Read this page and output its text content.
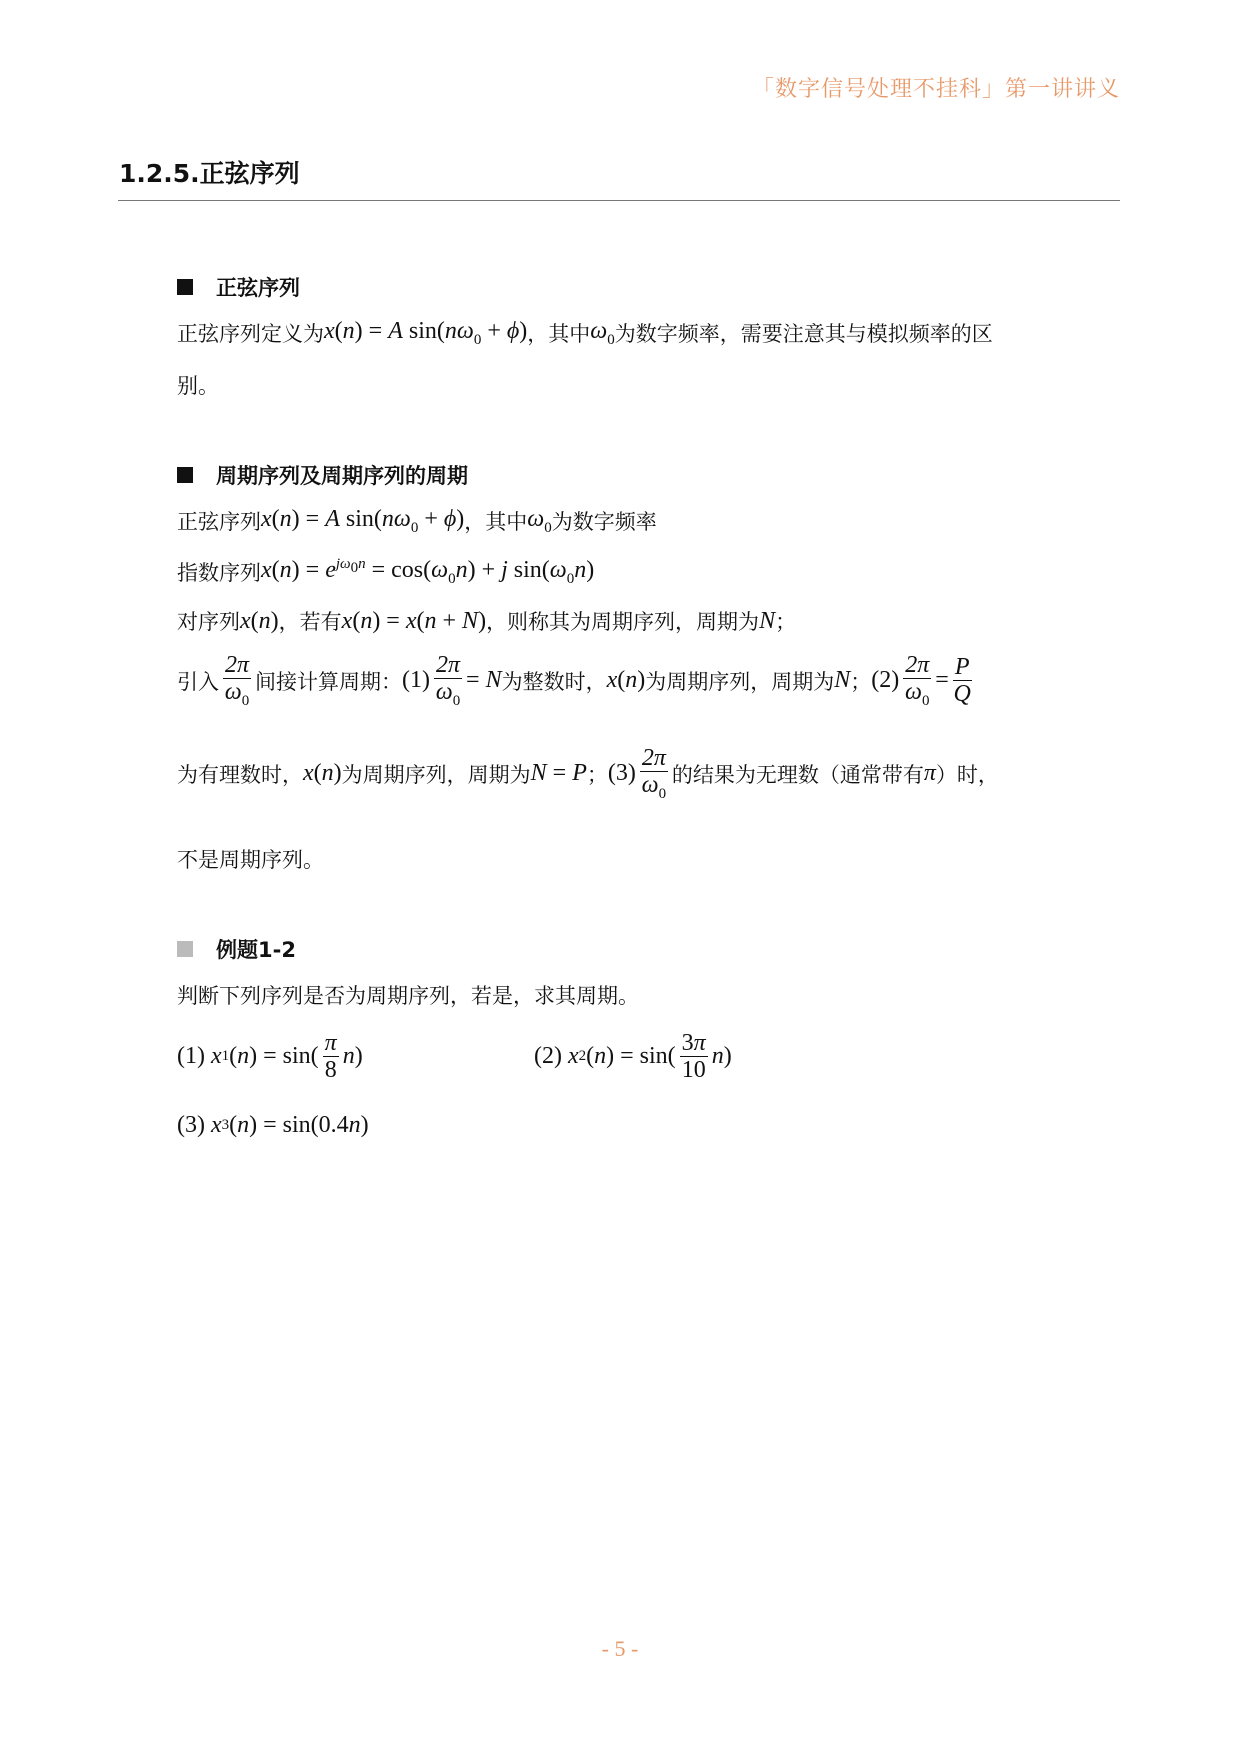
「数字信号处理不挂科」第一讲讲义
1.2.5.正弦序列
正弦序列
正弦序列定义为 x(n) = A $\sin(n\omega_0 + \phi)$ ，其中 $\omega_0$ 为数字频率，需要注意其与模拟频率的区
别。
周期序列及周期序列的周期
正弦序列 x(n) = A $\sin(n\omega_0 + \phi)$ ，其中 $\omega_0$ 为数字频率
指数序列 $x(n) = e^{j\omega_0n} = \cos(\omega_0n) + j$ $\sin(\omega_0n)$
对序列 x(n) ，若有 x(n) = x(n + N) ，则称其为周期序列，周期为 N ；
引入 $\frac{2\pi}{\omega_0}$ 间接计算周期： $(1) \frac{2\pi}{\omega_0} = N$ 为整数时， x(n) 为周期序列，周期为 N ； $(2) \frac{2\pi}{\omega_0} = \frac{P}{Q}$
为有理数时， x(n) 为周期序列，周期为 N = P ； $(3) \frac{2\pi}{\omega_0}$ 的结果为无理数（通常带有 π ）时，
不是周期序列。
例题1-2
判断下列序列是否为周期序列，若是，求其周期。
(1) x 1 ( n ) = $\sin( \frac{\pi}{8}$ n )	(2) x 2 ( n ) = $\sin( \frac{3\pi}{10}$ n )
(3) x 3 ( n ) = sin(0.4 n )
- 5 -
